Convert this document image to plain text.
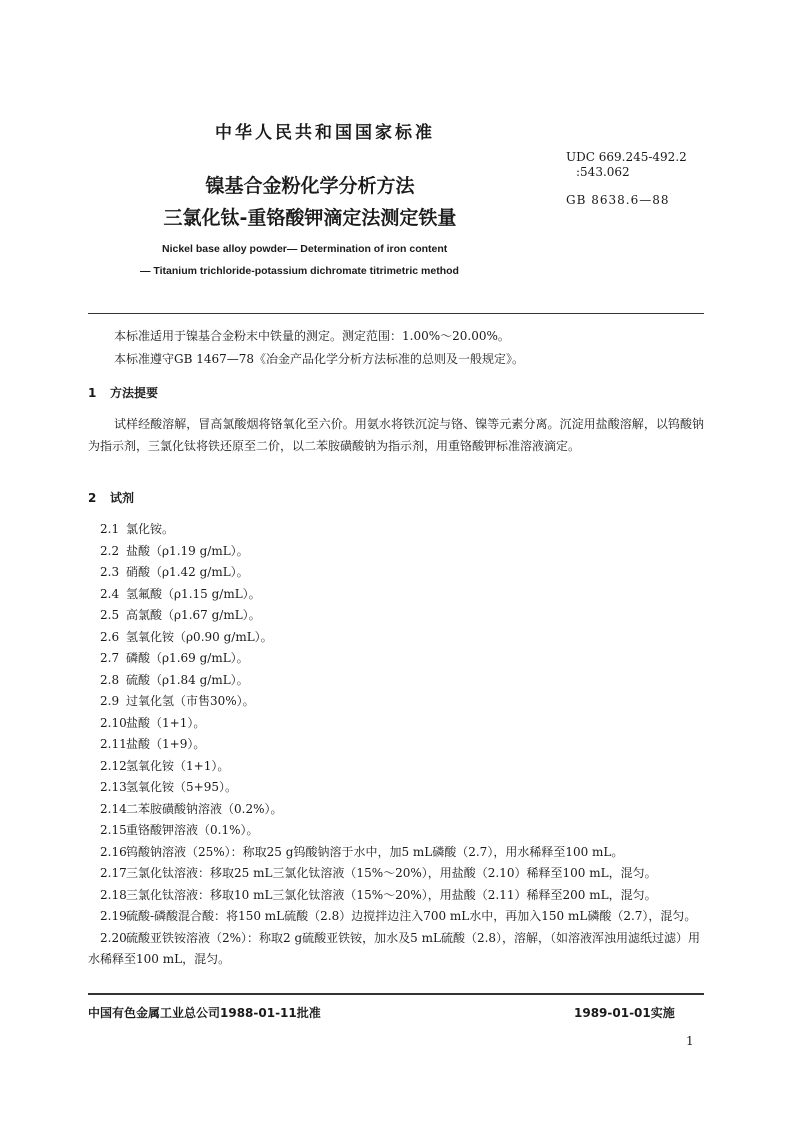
中华人民共和国国家标准
UDC 669.245-492.2
:543.062
GB 8638.6—88
镍基合金粉化学分析方法
三氯化钛-重铬酸钾滴定法测定铁量
Nickel base alloy powder— Determination of iron content
— Titanium trichloride-potassium dichromate titrimetric method
本标准适用于镍基合金粉末中铁量的测定。测定范围：1.00%～20.00%。
本标准遵守GB 1467—78《冶金产品化学分析方法标准的总则及一般规定》。
1 方法提要
试样经酸溶解，冒高氯酸烟将铬氧化至六价。用氨水将铁沉淀与铬、镍等元素分离。沉淀用盐酸溶解，以钨酸钠为指示剂，三氯化钛将铁还原至二价，以二苯胺磺酸钠为指示剂，用重铬酸钾标准溶液滴定。
2 试剂
2.1 氯化铵。
2.2 盐酸（ρ1.19 g/mL）。
2.3 硝酸（ρ1.42 g/mL）。
2.4 氢氟酸（ρ1.15 g/mL）。
2.5 高氯酸（ρ1.67 g/mL）。
2.6 氢氧化铵（ρ0.90 g/mL）。
2.7 磷酸（ρ1.69 g/mL）。
2.8 硫酸（ρ1.84 g/mL）。
2.9 过氧化氢（市售30%）。
2.10盐酸（1+1）。
2.11盐酸（1+9）。
2.12氢氧化铵（1+1）。
2.13氢氧化铵（5+95）。
2.14二苯胺磺酸钠溶液（0.2%）。
2.15重铬酸钾溶液（0.1%）。
2.16钨酸钠溶液（25%）：称取25 g钨酸钠溶于水中，加5 mL磷酸（2.7），用水稀释至100 mL。
2.17三氯化钛溶液：移取25 mL三氯化钛溶液（15%～20%），用盐酸（2.10）稀释至100 mL，混匀。
2.18三氯化钛溶液：移取10 mL三氯化钛溶液（15%～20%），用盐酸（2.11）稀释至200 mL，混匀。
2.19硫酸-磷酸混合酸：将150 mL硫酸（2.8）边搅拌边注入700 mL水中，再加入150 mL磷酸（2.7），混匀。
2.20硫酸亚铁铵溶液（2%）：称取2 g硫酸亚铁铵，加水及5 mL硫酸（2.8），溶解，（如溶液浑浊用滤纸过滤）用水稀释至100 mL，混匀。
中国有色金属工业总公司1988-01-11批准	1989-01-01实施
1
